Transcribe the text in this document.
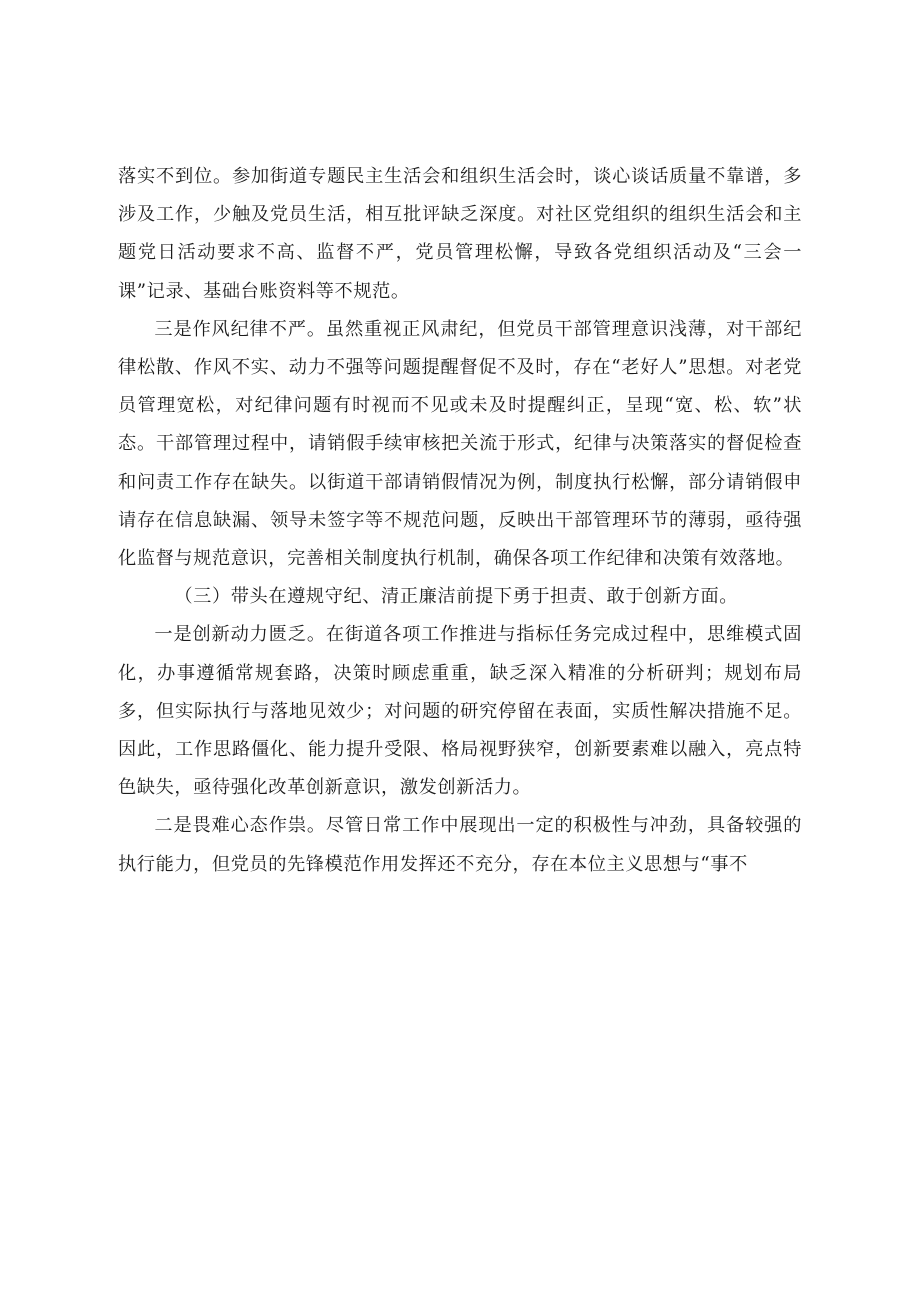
落实不到位。参加街道专题民主生活会和组织生活会时，谈心谈话质量不靠谱，多涉及工作，少触及党员生活，相互批评缺乏深度。对社区党组织的组织生活会和主题党日活动要求不高、监督不严，党员管理松懈，导致各党组织活动及“三会一课”记录、基础台账资料等不规范。

三是作风纪律不严。虽然重视正风肃纪，但党员干部管理意识浅薄，对干部纪律松散、作风不实、动力不强等问题提醒督促不及时，存在“老好人”思想。对老党员管理宽松，对纪律问题有时视而不见或未及时提醒纠正，呈现“宽、松、软”状态。干部管理过程中，请销假手续审核把关流于形式，纪律与决策落实的督促检查和问责工作存在缺失。以街道干部请销假情况为例，制度执行松懈，部分请销假申请存在信息缺漏、领导未签字等不规范问题，反映出干部管理环节的薄弱，亟待强化监督与规范意识，完善相关制度执行机制，确保各项工作纪律和决策有效落地。

（三）带头在遵规守纪、清正廉洁前提下勇于担责、敢于创新方面。

一是创新动力匮乏。在街道各项工作推进与指标任务完成过程中，思维模式固化，办事遵循常规套路，决策时顾虑重重，缺乏深入精准的分析研判；规划布局多，但实际执行与落地见效少；对问题的研究停留在表面，实质性解决措施不足。因此，工作思路僵化、能力提升受限、格局视野狭窄，创新要素难以融入，亮点特色缺失，亟待强化改革创新意识，激发创新活力。

二是畏难心态作祟。尽管日常工作中展现出一定的积极性与冲劲，具备较强的执行能力，但党员的先锋模范作用发挥还不充分，存在本位主义思想与“事不
